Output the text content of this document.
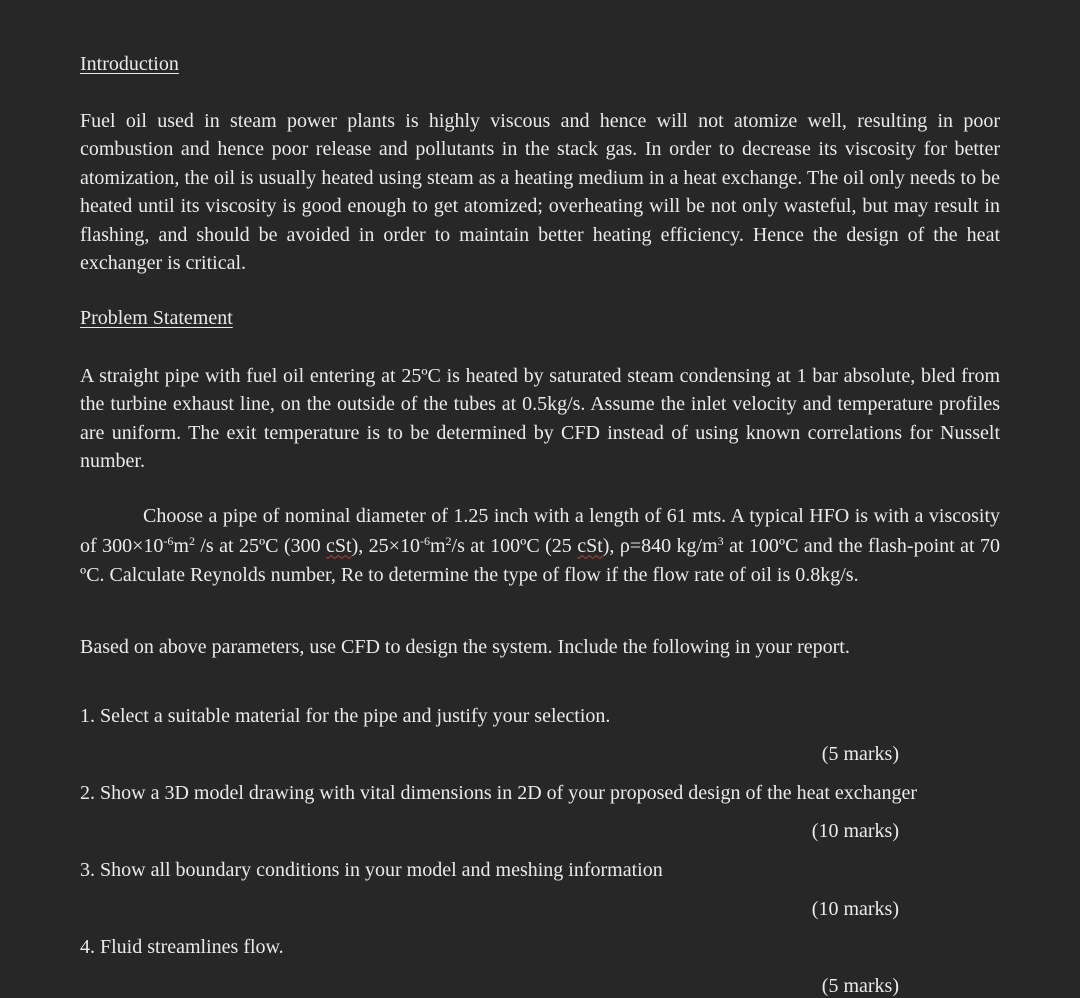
Introduction

Fuel oil used in steam power plants is highly viscous and hence will not atomize well, resulting in poor combustion and hence poor release and pollutants in the stack gas. In order to decrease its viscosity for better atomization, the oil is usually heated using steam as a heating medium in a heat exchange. The oil only needs to be heated until its viscosity is good enough to get atomized; overheating will be not only wasteful, but may result in flashing, and should be avoided in order to maintain better heating efficiency. Hence the design of the heat exchanger is critical.

Problem Statement

A straight pipe with fuel oil entering at 25ºC is heated by saturated steam condensing at 1 bar absolute, bled from the turbine exhaust line, on the outside of the tubes at 0.5kg/s. Assume the inlet velocity and temperature profiles are uniform. The exit temperature is to be determined by CFD instead of using known correlations for Nusselt number.

Choose a pipe of nominal diameter of 1.25 inch with a length of 61 mts. A typical HFO is with a viscosity of $300\times 10^{-6}m^2$ /s at 25ºC (300 cSt), $25\times 10^{-6}m^2/s$ at 100ºC (25 cSt), ρ=840 $kg/m^3$ at 100ºC and the flash-point at 70 ºC. Calculate Reynolds number, Re to determine the type of flow if the flow rate of oil is 0.8kg/s.

Based on above parameters, use CFD to design the system. Include the following in your report.

1. Select a suitable material for the pipe and justify your selection.

(5 marks)

2. Show a 3D model drawing with vital dimensions in 2D of your proposed design of the heat exchanger

(10 marks)

3. Show all boundary conditions in your model and meshing information

(10 marks)

4. Fluid streamlines flow.

(5 marks)
